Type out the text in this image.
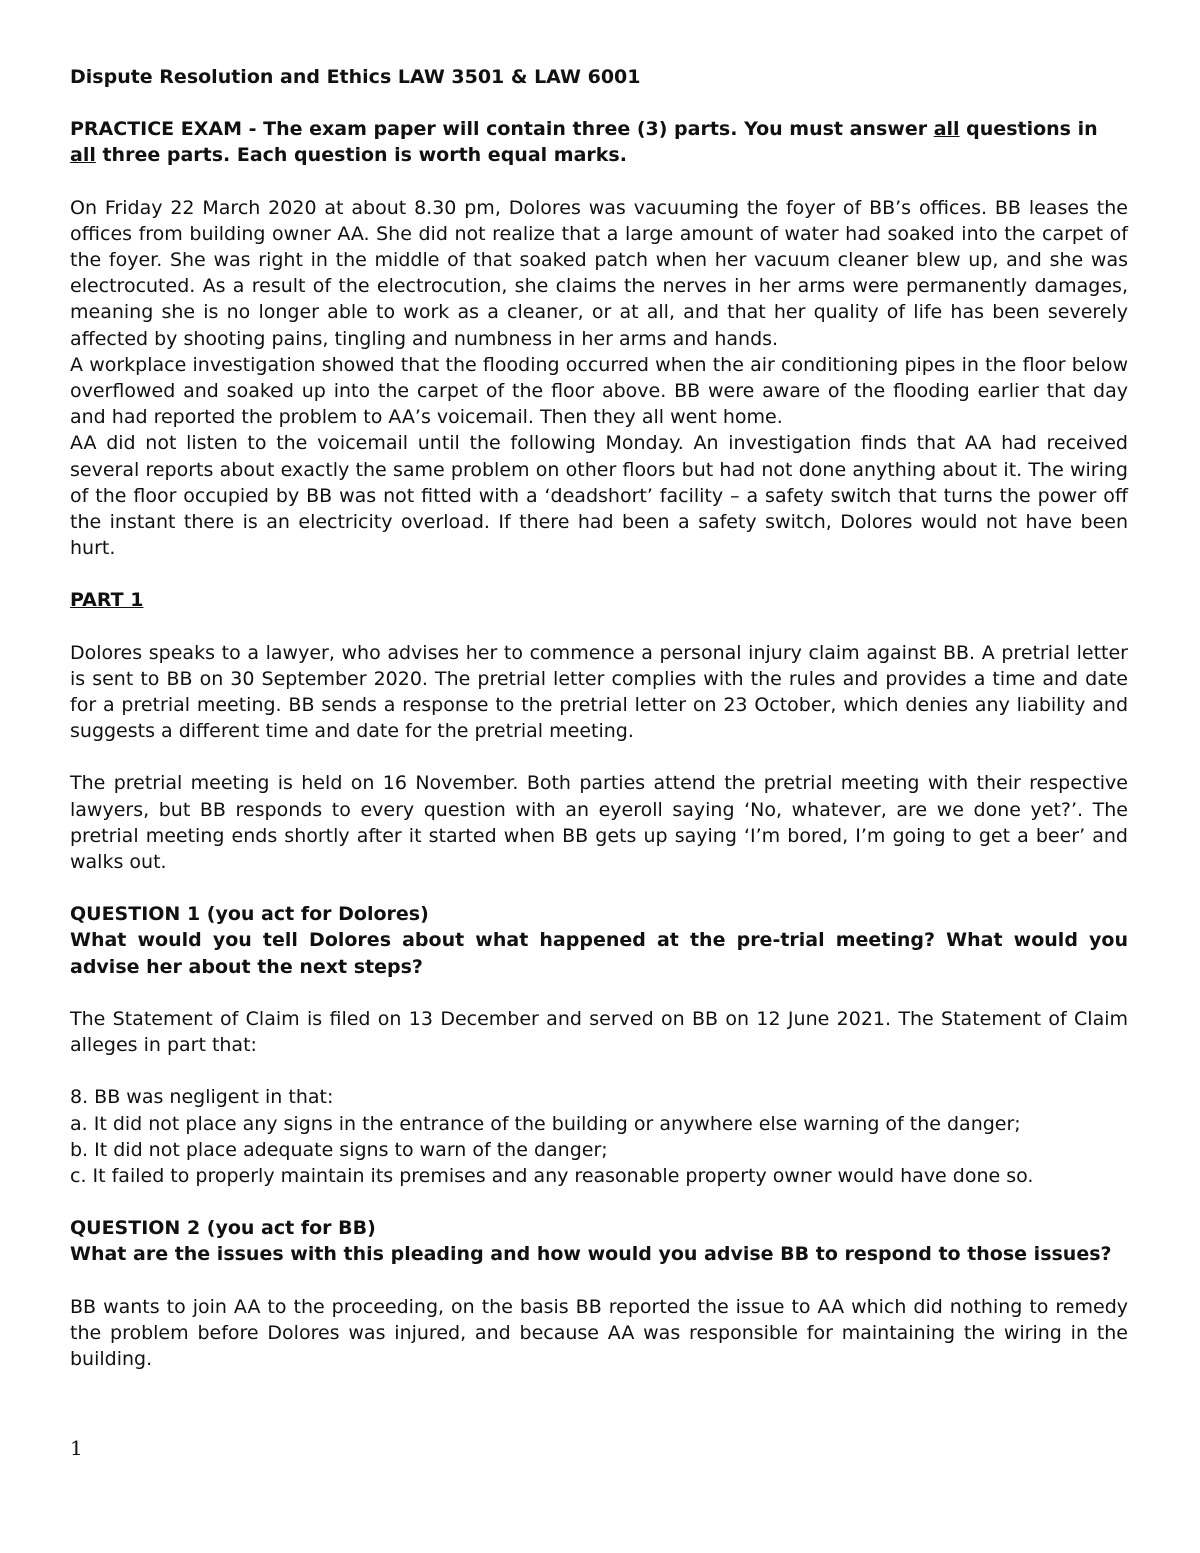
Dispute Resolution and Ethics LAW 3501 & LAW 6001

PRACTICE EXAM - The exam paper will contain three (3) parts. You must answer all questions in all three parts. Each question is worth equal marks.

On Friday 22 March 2020 at about 8.30 pm, Dolores was vacuuming the foyer of BB’s offices. BB leases the offices from building owner AA. She did not realize that a large amount of water had soaked into the carpet of the foyer. She was right in the middle of that soaked patch when her vacuum cleaner blew up, and she was electrocuted. As a result of the electrocution, she claims the nerves in her arms were permanently damages, meaning she is no longer able to work as a cleaner, or at all, and that her quality of life has been severely affected by shooting pains, tingling and numbness in her arms and hands.

A workplace investigation showed that the flooding occurred when the air conditioning pipes in the floor below overflowed and soaked up into the carpet of the floor above. BB were aware of the flooding earlier that day and had reported the problem to AA’s voicemail. Then they all went home.

AA did not listen to the voicemail until the following Monday. An investigation finds that AA had received several reports about exactly the same problem on other floors but had not done anything about it. The wiring of the floor occupied by BB was not fitted with a ‘deadshort’ facility – a safety switch that turns the power off the instant there is an electricity overload. If there had been a safety switch, Dolores would not have been hurt.

PART 1

Dolores speaks to a lawyer, who advises her to commence a personal injury claim against BB. A pretrial letter is sent to BB on 30 September 2020. The pretrial letter complies with the rules and provides a time and date for a pretrial meeting. BB sends a response to the pretrial letter on 23 October, which denies any liability and suggests a different time and date for the pretrial meeting.

The pretrial meeting is held on 16 November. Both parties attend the pretrial meeting with their respective lawyers, but BB responds to every question with an eyeroll saying ‘No, whatever, are we done yet?’. The pretrial meeting ends shortly after it started when BB gets up saying ‘I’m bored, I’m going to get a beer’ and walks out.

QUESTION 1 (you act for Dolores)

What would you tell Dolores about what happened at the pre-trial meeting? What would you advise her about the next steps?

The Statement of Claim is filed on 13 December and served on BB on 12 June 2021. The Statement of Claim alleges in part that:

8. BB was negligent in that:

a. It did not place any signs in the entrance of the building or anywhere else warning of the danger;

b. It did not place adequate signs to warn of the danger;

c. It failed to properly maintain its premises and any reasonable property owner would have done so.

QUESTION 2 (you act for BB)

What are the issues with this pleading and how would you advise BB to respond to those issues?

BB wants to join AA to the proceeding, on the basis BB reported the issue to AA which did nothing to remedy the problem before Dolores was injured, and because AA was responsible for maintaining the wiring in the building.

1
